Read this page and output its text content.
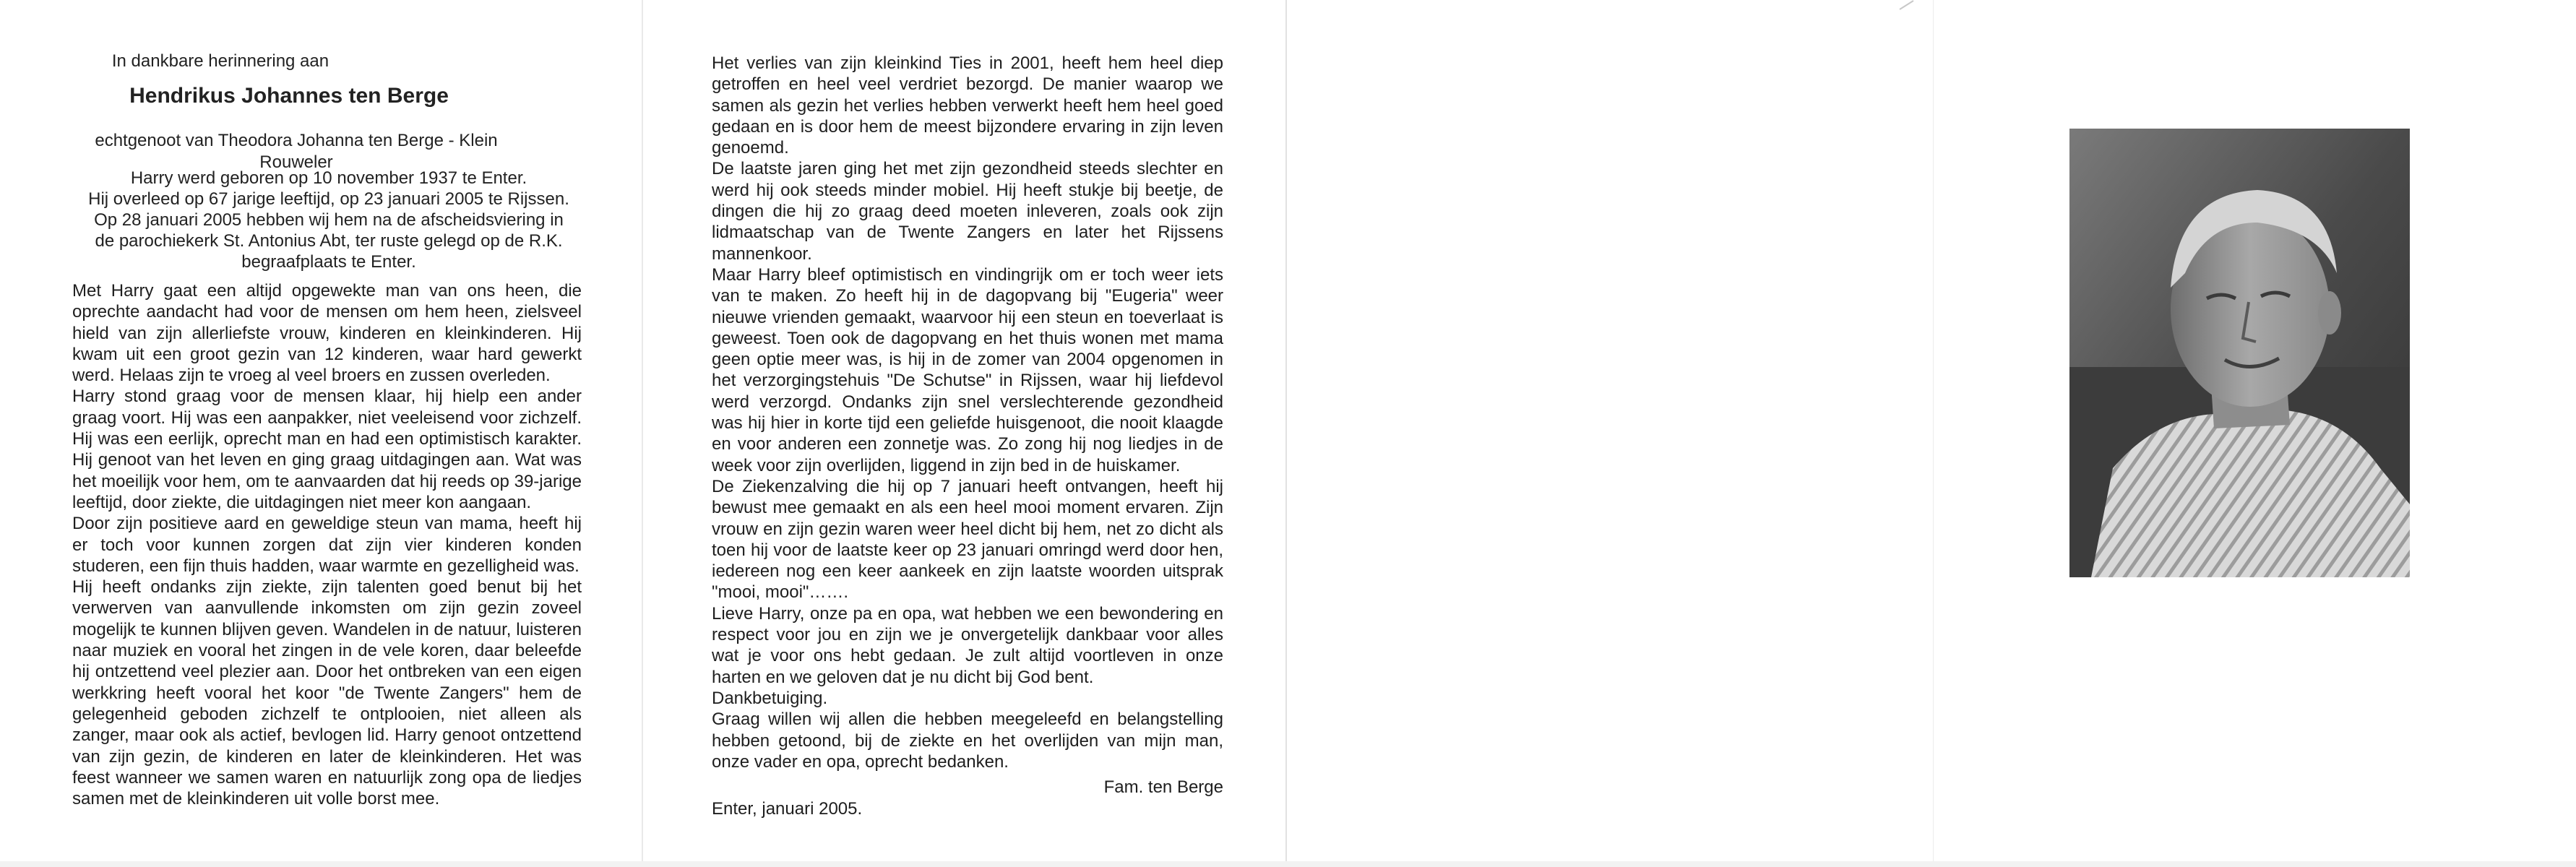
In dankbare herinnering aan
Hendrikus Johannes ten Berge
echtgenoot van Theodora Johanna ten Berge - Klein Rouweler
Harry werd geboren op 10 november 1937 te Enter.
Hij overleed op 67 jarige leeftijd, op 23 januari 2005 te Rijssen.
Op 28 januari 2005 hebben wij hem na de afscheidsviering in
de parochiekerk St. Antonius Abt, ter ruste gelegd op de R.K.
begraafplaats te Enter.

Met Harry gaat een altijd opgewekte man van ons heen, die oprechte aandacht had voor de mensen om hem heen, zielsveel hield van zijn allerliefste vrouw, kinderen en kleinkinderen. Hij kwam uit een groot gezin van 12 kinderen, waar hard gewerkt werd. Helaas zijn te vroeg al veel broers en zussen overleden.

Harry stond graag voor de mensen klaar, hij hielp een ander graag voort. Hij was een aanpakker, niet veeleisend voor zichzelf. Hij was een eerlijk, oprecht man en had een optimistisch karakter. Hij genoot van het leven en ging graag uitdagingen aan. Wat was het moeilijk voor hem, om te aanvaarden dat hij reeds op 39-jarige leeftijd, door ziekte, die uitdagingen niet meer kon aangaan.

Door zijn positieve aard en geweldige steun van mama, heeft hij er toch voor kunnen zorgen dat zijn vier kinderen konden studeren, een fijn thuis hadden, waar warmte en gezelligheid was.

Hij heeft ondanks zijn ziekte, zijn talenten goed benut bij het verwerven van aanvullende inkomsten om zijn gezin zoveel mogelijk te kunnen blijven geven. Wandelen in de natuur, luisteren naar muziek en vooral het zingen in de vele koren, daar beleefde hij ontzettend veel plezier aan. Door het ontbreken van een eigen werkkring heeft vooral het koor "de Twente Zangers" hem de gelegenheid geboden zichzelf te ontplooien, niet alleen als zanger, maar ook als actief, bevlogen lid. Harry genoot ontzettend van zijn gezin, de kinderen en later de kleinkinderen. Het was feest wanneer we samen waren en natuurlijk zong opa de liedjes samen met de kleinkinderen uit volle borst mee.

Het verlies van zijn kleinkind Ties in 2001, heeft hem heel diep getroffen en heel veel verdriet bezorgd. De manier waarop we samen als gezin het verlies hebben verwerkt heeft hem heel goed gedaan en is door hem de meest bijzondere ervaring in zijn leven genoemd.

De laatste jaren ging het met zijn gezondheid steeds slechter en werd hij ook steeds minder mobiel. Hij heeft stukje bij beetje, de dingen die hij zo graag deed moeten inleveren, zoals ook zijn lidmaatschap van de Twente Zangers en later het Rijssens mannenkoor.

Maar Harry bleef optimistisch en vindingrijk om er toch weer iets van te maken. Zo heeft hij in de dagopvang bij "Eugeria" weer nieuwe vrienden gemaakt, waarvoor hij een steun en toeverlaat is geweest. Toen ook de dagopvang en het thuis wonen met mama geen optie meer was, is hij in de zomer van 2004 opgenomen in het verzorgingstehuis "De Schutse" in Rijssen, waar hij liefdevol werd verzorgd. Ondanks zijn snel verslechterende gezondheid was hij hier in korte tijd een geliefde huisgenoot, die nooit klaagde en voor anderen een zonnetje was. Zo zong hij nog liedjes in de week voor zijn overlijden, liggend in zijn bed in de huiskamer.

De Ziekenzalving die hij op 7 januari heeft ontvangen, heeft hij bewust mee gemaakt en als een heel mooi moment ervaren. Zijn vrouw en zijn gezin waren weer heel dicht bij hem, net zo dicht als toen hij voor de laatste keer op 23 januari omringd werd door hen, iedereen nog een keer aankeek en zijn laatste woorden uitsprak "mooi, mooi"…….

Lieve Harry, onze pa en opa, wat hebben we een bewondering en respect voor jou en zijn we je onvergetelijk dankbaar voor alles wat je voor ons hebt gedaan. Je zult altijd voortleven in onze harten en we geloven dat je nu dicht bij God bent.

Dankbetuiging.

Graag willen wij allen die hebben meegeleefd en belangstelling hebben getoond, bij de ziekte en het overlijden van mijn man, onze vader en opa, oprecht bedanken.

Fam. ten Berge
Enter, januari 2005.
